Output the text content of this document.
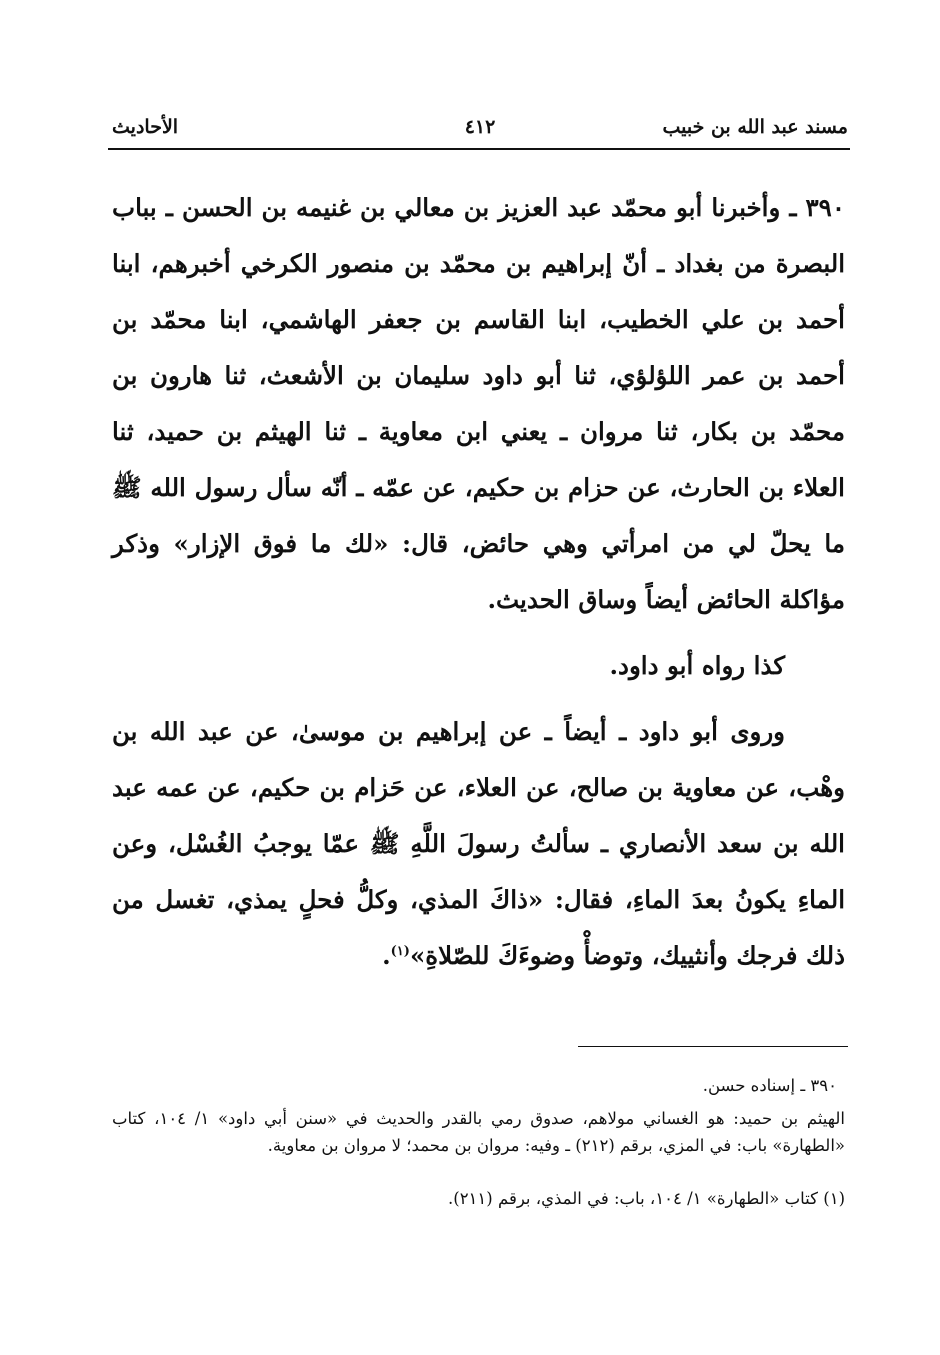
مسند عبد الله بن خبيب
٤١٢
الأحاديث

٣٩٠ ـ وأخبرنا أبو محمّد عبد العزيز بن معالي بن غنيمه بن الحسن ـ بباب البصرة من بغداد ـ أنّ إبراهيم بن محمّد بن منصور الكرخي أخبرهم، ابنا أحمد بن علي الخطيب، ابنا القاسم بن جعفر الهاشمي، ابنا محمّد بن أحمد بن عمر اللؤلؤي، ثنا أبو داود سليمان بن الأشعث، ثنا هارون بن محمّد بن بكار، ثنا مروان ـ يعني ابن معاوية ـ ثنا الهيثم بن حميد، ثنا العلاء بن الحارث، عن حزام بن حكيم، عن عمّه ـ أنّه سأل رسول الله ﷺ ما يحلّ لي من امرأتي وهي حائض، قال: «لك ما فوق الإزار» وذكر مؤاكلة الحائض أيضاً وساق الحديث.

كذا رواه أبو داود.

وروى أبو داود ـ أيضاً ـ عن إبراهيم بن موسىٰ، عن عبد الله بن وهْب، عن معاوية بن صالح، عن العلاء، عن حَزام بن حكيم، عن عمه عبد الله بن سعد الأنصاري ـ سألتُ رسولَ اللَّهِ ﷺ عمّا يوجبُ الغُسْل، وعن الماءِ يكونُ بعدَ الماءِ، فقال: «ذاكَ المذي، وكلُّ فحلٍ يمذي، تغسل من ذلك فرجك وأنثييك، وتوضأْ وضوءَكَ للصّلاةِ»$^{(١)}$.

٣٩٠ ـ إسناده حسن.

الهيثم بن حميد: هو الغساني مولاهم، صدوق رمي بالقدر والحديث في «سنن أبي داود» ١/ ١٠٤، كتاب «الطهارة» باب: في المزي، برقم (٢١٢) ـ وفيه: مروان بن محمد؛ لا مروان بن معاوية.

(١) كتاب «الطهارة» ١/ ١٠٤، باب: في المذي، برقم (٢١١).
